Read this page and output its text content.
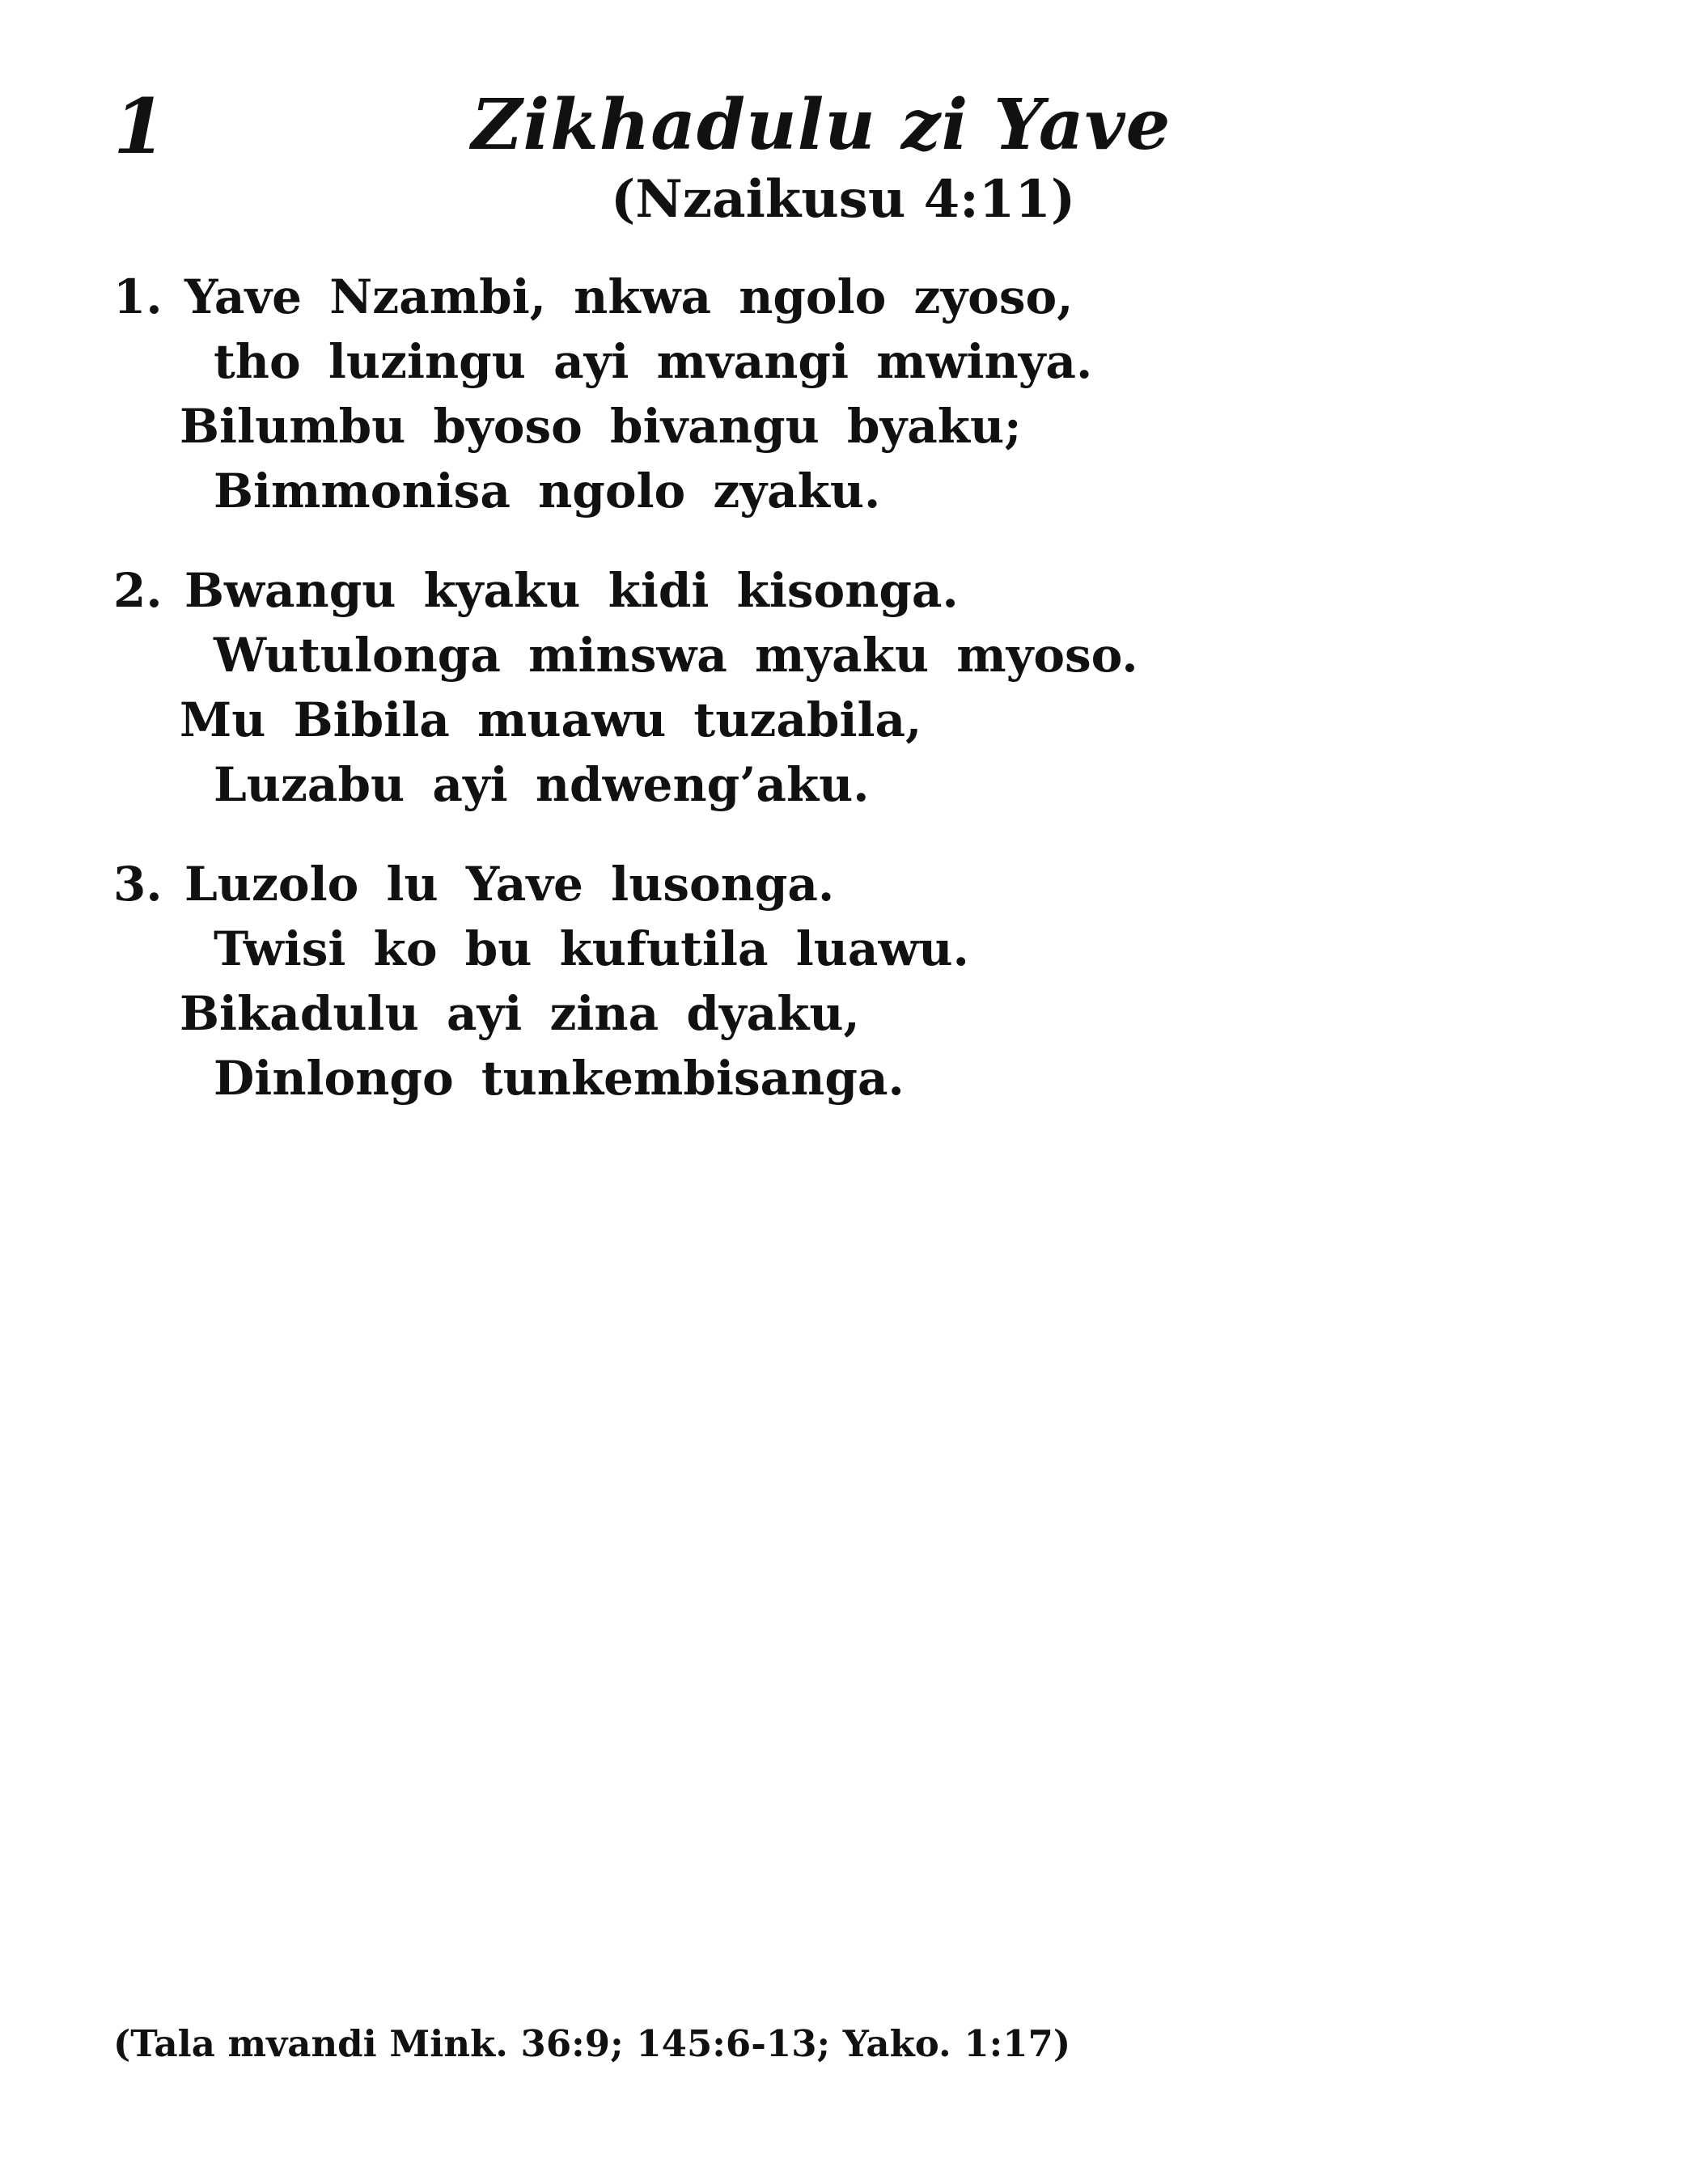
1	Zikhadulu zi Yave
(Nzaikusu 4:11)
1. Yave Nzambi, nkwa ngolo zyoso,
tho luzingu ayi mvangi mwinya.
Bilumbu byoso bivangu byaku;
Bimmonisa ngolo zyaku.
2. Bwangu kyaku kidi kisonga.
Wutulonga minswa myaku myoso.
Mu Bibila muawu tuzabila,
Luzabu ayi ndweng’aku.
3. Luzolo lu Yave lusonga.
Twisi ko bu kufutila luawu.
Bikadulu ayi zina dyaku,
Dinlongo tunkembisanga.
(Tala mvandi Mink. 36:9; 145:6-13; Yako. 1:17)
